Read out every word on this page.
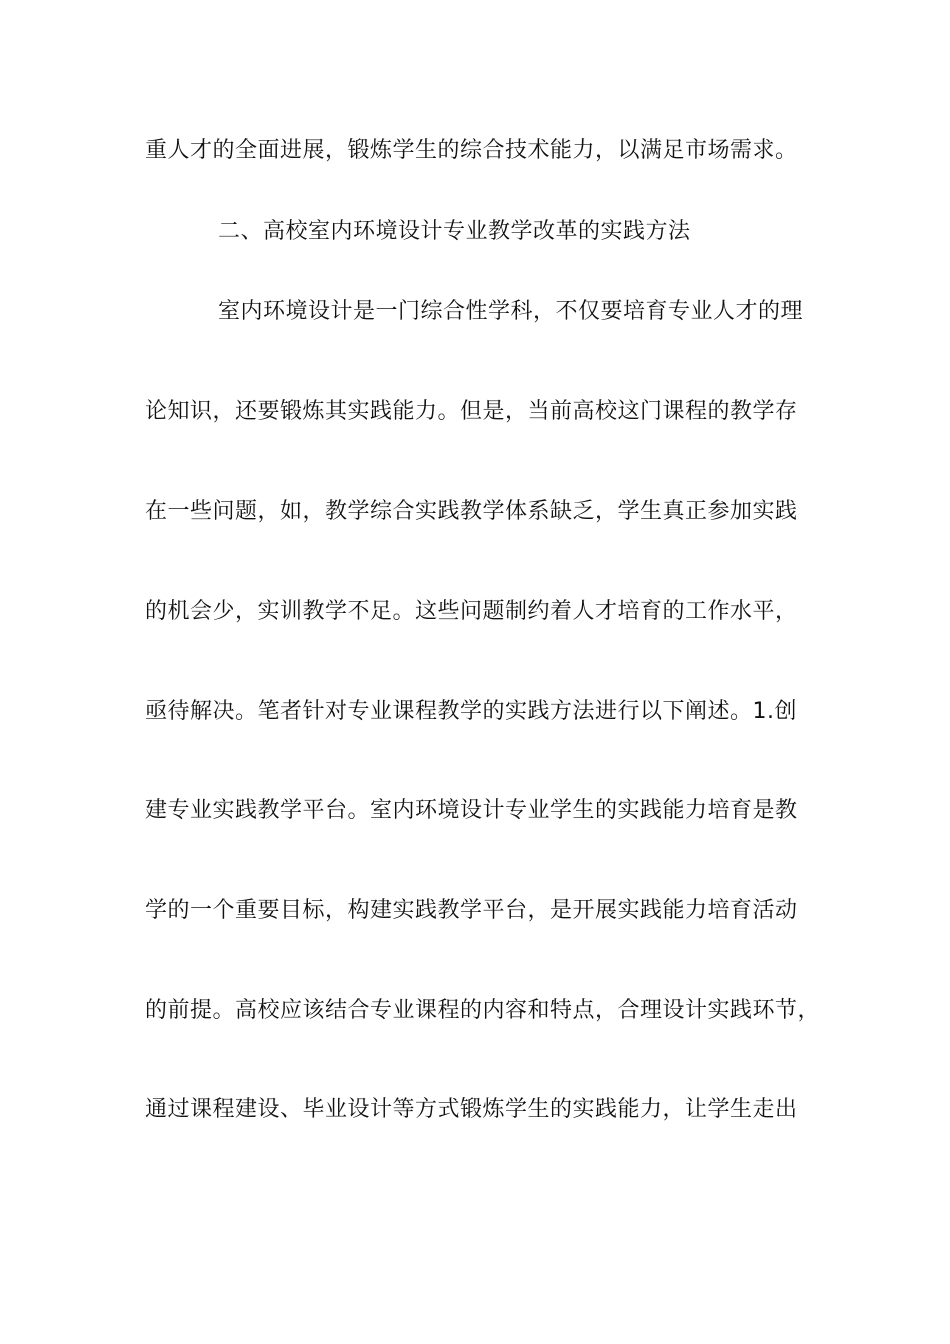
重人才的全面进展，锻炼学生的综合技术能力，以满足市场需求。
二、高校室内环境设计专业教学改革的实践方法
室内环境设计是一门综合性学科，不仅要培育专业人才的理
论知识，还要锻炼其实践能力。但是，当前高校这门课程的教学存
在一些问题，如，教学综合实践教学体系缺乏，学生真正参加实践
的机会少，实训教学不足。这些问题制约着人才培育的工作水平，
亟待解决。笔者针对专业课程教学的实践方法进行以下阐述。1.创
建专业实践教学平台。室内环境设计专业学生的实践能力培育是教
学的一个重要目标，构建实践教学平台，是开展实践能力培育活动
的前提。高校应该结合专业课程的内容和特点，合理设计实践环节，
通过课程建设、毕业设计等方式锻炼学生的实践能力，让学生走出
